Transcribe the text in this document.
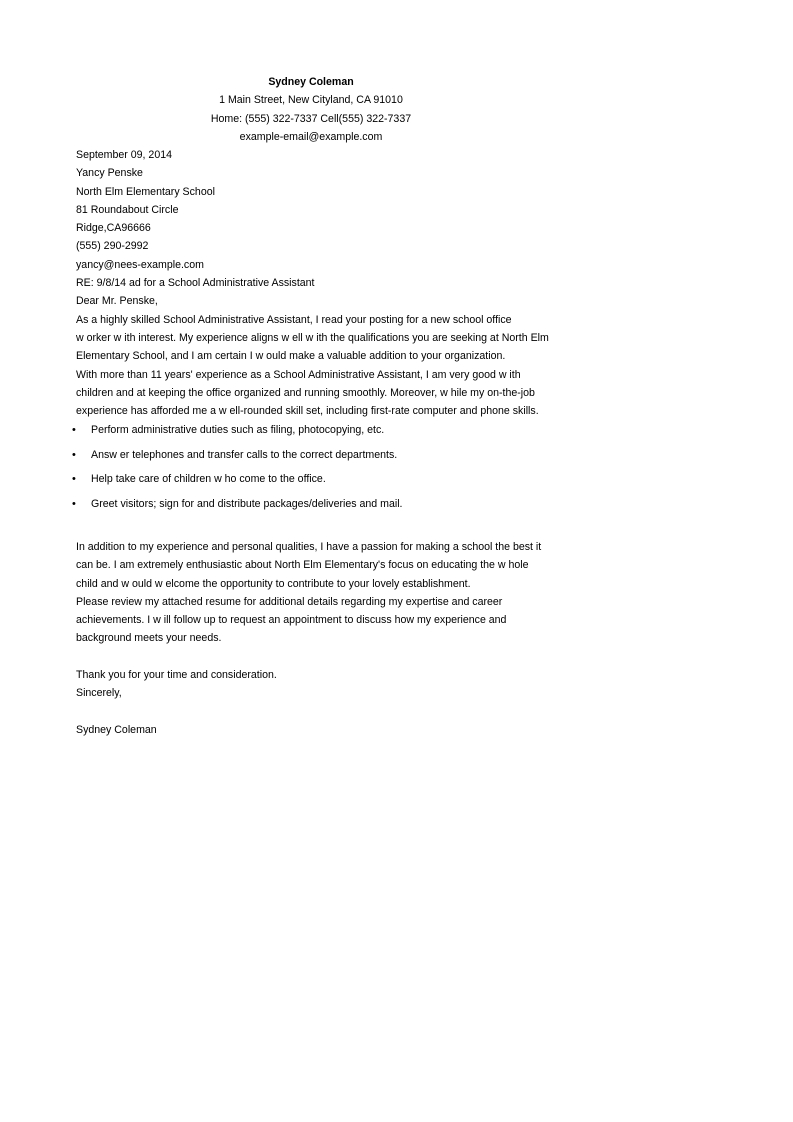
Sydney Coleman
1 Main Street, New Cityland, CA 91010
Home: (555) 322-7337 Cell(555) 322-7337
example-email@example.com
September 09, 2014
Yancy Penske
North Elm Elementary School
81 Roundabout Circle
Ridge,CA96666
(555) 290-2992
yancy@nees-example.com
RE: 9/8/14 ad for a School Administrative Assistant
Dear Mr. Penske,
As a highly skilled School Administrative Assistant, I read your posting for a new school office
w orker w ith interest. My experience aligns w ell w ith the qualifications you are seeking at North Elm
Elementary School, and I am certain I w ould make a valuable addition to your organization.
With more than 11 years' experience as a School Administrative Assistant, I am very good w ith
children and at keeping the office organized and running smoothly. Moreover, w hile my on-the-job
experience has afforded me a w ell-rounded skill set, including first-rate computer and phone skills.
• Perform administrative duties such as filing, photocopying, etc.
• Answ er telephones and transfer calls to the correct departments.
• Help take care of children w ho come to the office.
• Greet visitors; sign for and distribute packages/deliveries and mail.
In addition to my experience and personal qualities, I have a passion for making a school the best it
can be. I am extremely enthusiastic about North Elm Elementary's focus on educating the w hole
child and w ould w elcome the opportunity to contribute to your lovely establishment.
Please review my attached resume for additional details regarding my expertise and career
achievements. I w ill follow up to request an appointment to discuss how my experience and
background meets your needs.
Thank you for your time and consideration.
Sincerely,
Sydney Coleman
